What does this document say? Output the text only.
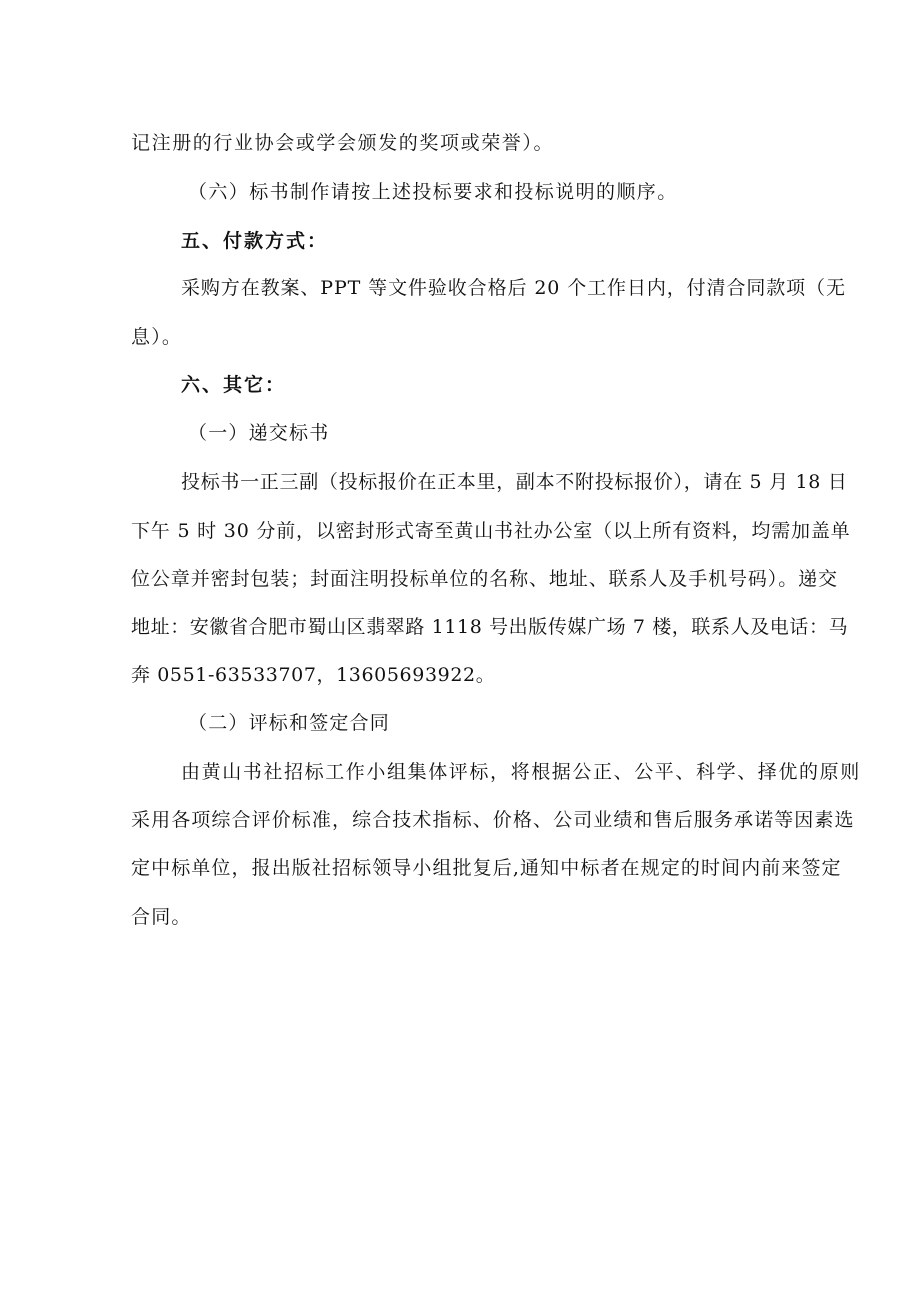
记注册的行业协会或学会颁发的奖项或荣誉）。
（六）标书制作请按上述投标要求和投标说明的顺序。
五、付款方式：
采购方在教案、PPT 等文件验收合格后 20 个工作日内，付清合同款项（无
息）。
六、其它：
（一）递交标书
投标书一正三副（投标报价在正本里，副本不附投标报价），请在 5 月 18 日
下午 5 时 30 分前，以密封形式寄至黄山书社办公室（以上所有资料，均需加盖单
位公章并密封包装；封面注明投标单位的名称、地址、联系人及手机号码）。递交
地址：安徽省合肥市蜀山区翡翠路 1118 号出版传媒广场 7 楼，联系人及电话：马
奔 0551-63533707，13605693922。
（二）评标和签定合同
由黄山书社招标工作小组集体评标，将根据公正、公平、科学、择优的原则
采用各项综合评价标准，综合技术指标、价格、公司业绩和售后服务承诺等因素选
定中标单位，报出版社招标领导小组批复后,通知中标者在规定的时间内前来签定
合同。
